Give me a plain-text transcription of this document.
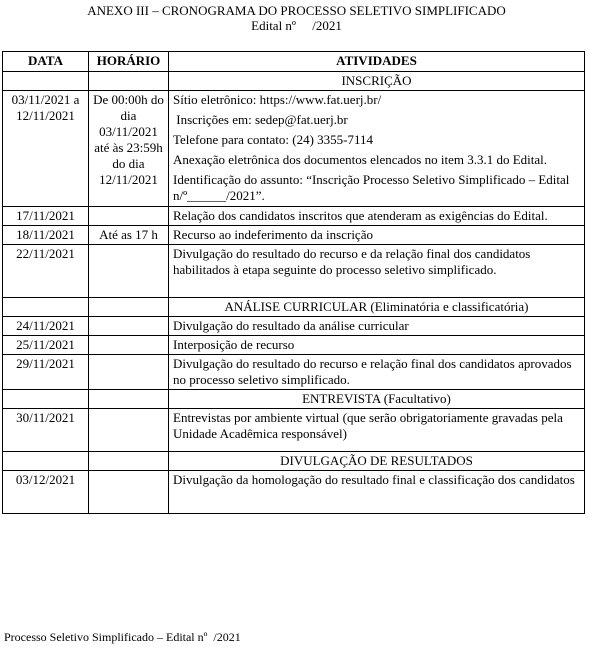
ANEXO III – CRONOGRAMA DO PROCESSO SELETIVO SIMPLIFICADO
Edital nº     /2021
DATA	HORÁRIO	ATIVIDADES
		INSCRIÇÃO
03/11/2021 a 12/11/2021	De 00:00h do dia 03/11/2021 até às 23:59h do dia 12/11/2021	Sítio eletrônico: https://www.fat.uerj.br/

Inscrições em: sedep@fat.uerj.br

Telefone para contato: (24) 3355-7114

Anexação eletrônica dos documentos elencados no item 3.3.1 do Edital.

Identificação do assunto: “Inscrição Processo Seletivo Simplificado – Edital n/º______/2021”.

17/11/2021		Relação dos candidatos inscritos que atenderam as exigências do Edital.
18/11/2021	Até as 17 h	Recurso ao indeferimento da inscrição
22/11/2021		Divulgação do resultado do recurso e da relação final dos candidatos habilitados à etapa seguinte do processo seletivo simplificado.
		ANÁLISE CURRICULAR (Eliminatória e classificatória)
24/11/2021		Divulgação do resultado da análise curricular
25/11/2021		Interposição de recurso
29/11/2021		Divulgação do resultado do recurso e relação final dos candidatos aprovados no processo seletivo simplificado.
		ENTREVISTA (Facultativo)
30/11/2021		Entrevistas por ambiente virtual (que serão obrigatoriamente gravadas pela Unidade Acadêmica responsável)
		DIVULGAÇÃO DE RESULTADOS
03/12/2021		Divulgação da homologação do resultado final e classificação dos candidatos
Processo Seletivo Simplificado – Edital nº  /2021
